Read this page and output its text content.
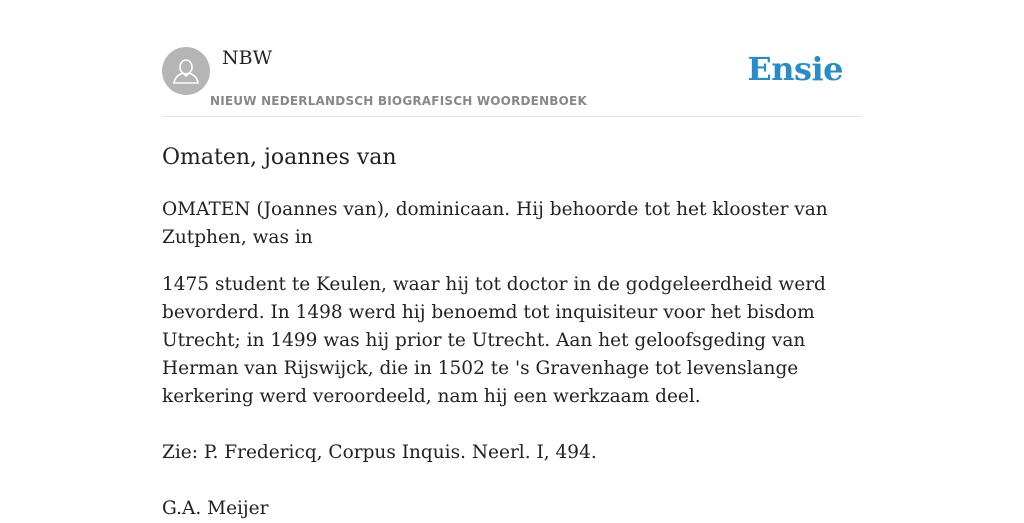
NBW
NIEUW NEDERLANDSCH BIOGRAFISCH WOORDENBOEK
Ensie
Omaten, joannes van

OMATEN (Joannes van), dominicaan. Hij behoorde tot het klooster van Zutphen, was in

1475 student te Keulen, waar hij tot doctor in de godgeleerdheid werd bevorderd. In 1498 werd hij benoemd tot inquisiteur voor het bisdom Utrecht; in 1499 was hij prior te Utrecht. Aan het geloofsgeding van Herman van Rijswijck, die in 1502 te 's Gravenhage tot levenslange kerkering werd veroordeeld, nam hij een werkzaam deel.

Zie: P. Fredericq, Corpus Inquis. Neerl. I, 494.

G.A. Meijer
